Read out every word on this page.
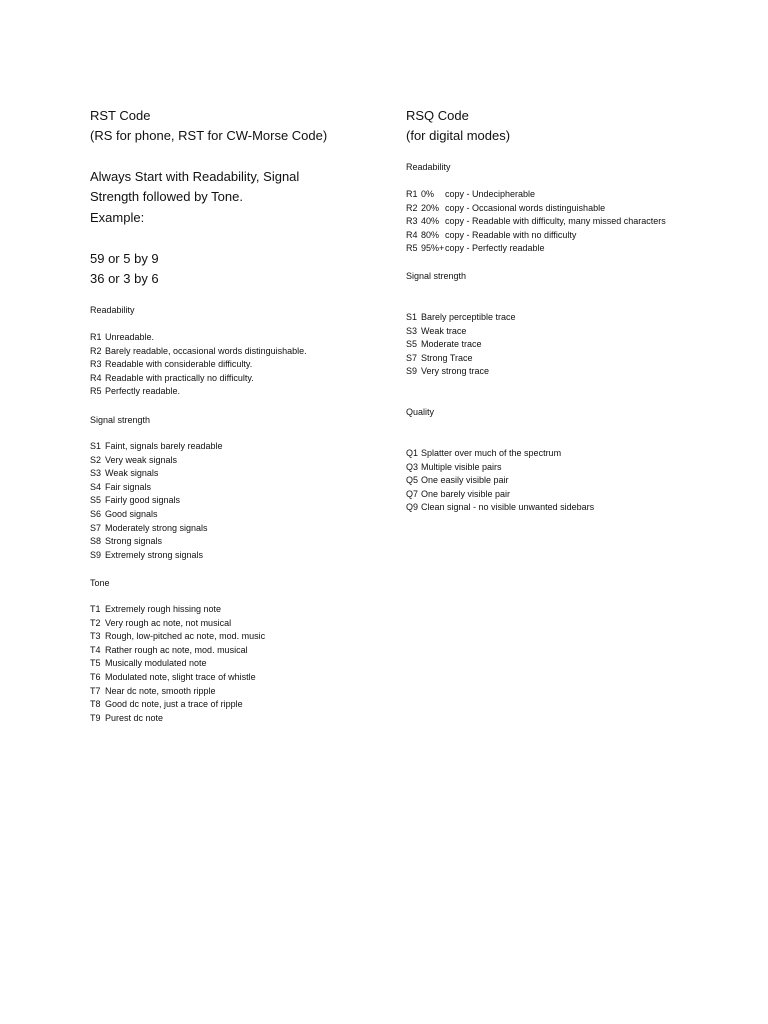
RST Code
(RS for phone, RST for CW-Morse Code)
Always Start with Readability, Signal
Strength followed by Tone.
Example:
59 or 5 by 9
36 or 3 by 6
Readability
R1 Unreadable.
R2 Barely readable, occasional words distinguishable.
R3 Readable with considerable difficulty.
R4 Readable with practically no difficulty.
R5 Perfectly readable.
Signal strength
S1 Faint, signals barely readable
S2 Very weak signals
S3 Weak signals
S4 Fair signals
S5 Fairly good signals
S6 Good signals
S7 Moderately strong signals
S8 Strong signals
S9 Extremely strong signals
Tone
T1 Extremely rough hissing note
T2 Very rough ac note, not musical
T3 Rough, low-pitched ac note, mod. music
T4 Rather rough ac note, mod. musical
T5 Musically modulated note
T6 Modulated note, slight trace of whistle
T7 Near dc note, smooth ripple
T8 Good dc note, just a trace of ripple
T9 Purest dc note
RSQ Code
(for digital modes)
Readability
R1 0% copy - Undecipherable
R2 20% copy - Occasional words distinguishable
R3 40% copy - Readable with difficulty, many missed characters
R4 80% copy - Readable with no difficulty
R5 95%+copy - Perfectly readable
Signal strength
S1 Barely perceptible trace
S3 Weak trace
S5 Moderate trace
S7 Strong Trace
S9 Very strong trace
Quality
Q1 Splatter over much of the spectrum
Q3 Multiple visible pairs
Q5 One easily visible pair
Q7 One barely visible pair
Q9 Clean signal - no visible unwanted sidebars
